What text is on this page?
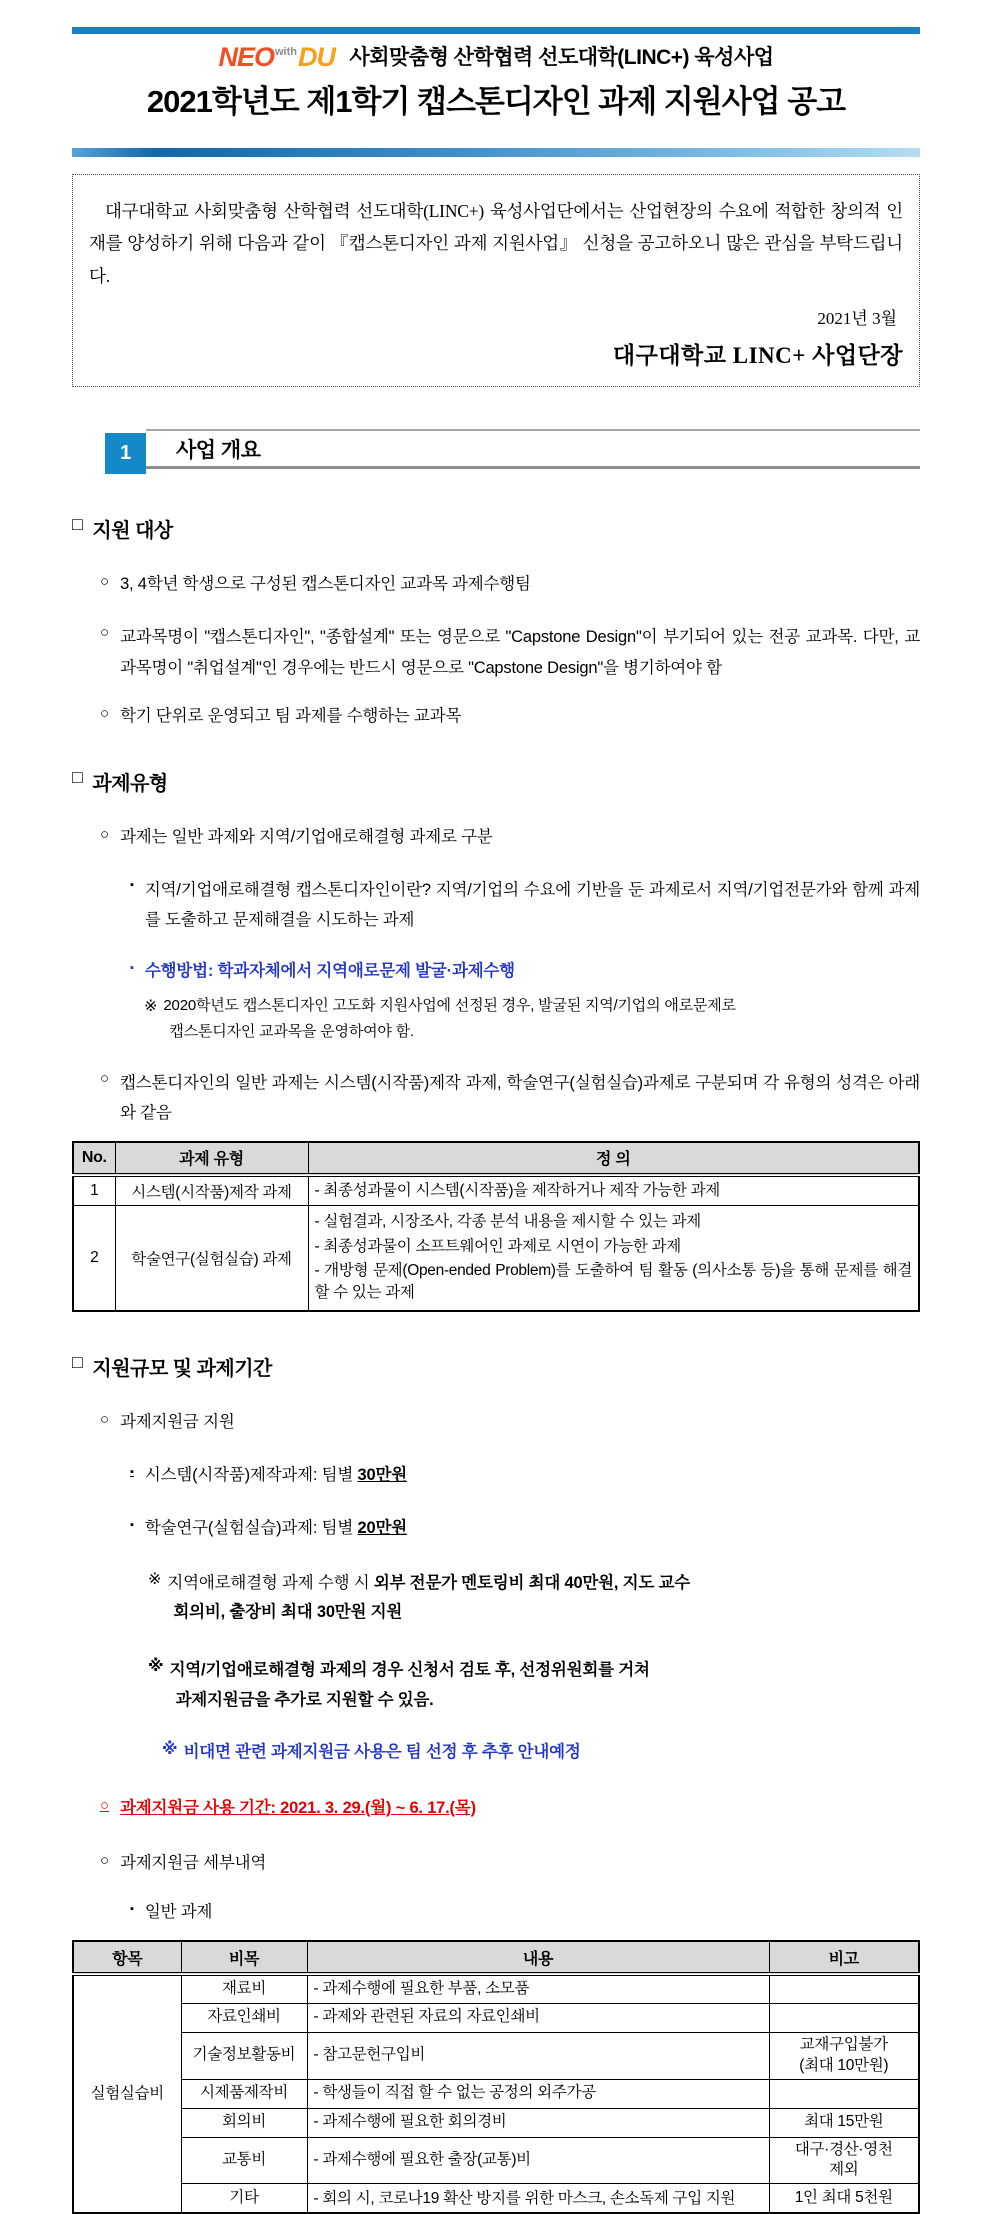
$NEO^{with}DU$ 사회맞춤형 산학협력 선도대학(LINC+) 육성사업
2021학년도 제1학기 캡스톤디자인 과제 지원사업 공고
대구대학교 사회맞춤형 산학협력 선도대학(LINC+) 육성사업단에서는 산업현장의 수요에 적합한 창의적 인재를 양성하기 위해 다음과 같이 『캡스톤디자인 과제 지원사업』 신청을 공고하오니 많은 관심을 부탁드립니다.
2021년 3월
대구대학교 LINC+ 사업단장
1	사업 개요
□ 지원 대상
○ 3, 4학년 학생으로 구성된 캡스톤디자인 교과목 과제수행팀
○ 교과목명이 "캡스톤디자인", "종합설계" 또는 영문으로 "Capstone Design"이 부기되어 있는 전공 교과목. 다만, 교과목명이 "취업설계"인 경우에는 반드시 영문으로 "Capstone Design"을 병기하여야 함
○ 학기 단위로 운영되고 팀 과제를 수행하는 교과목
□ 과제유형
○ 과제는 일반 과제와 지역/기업애로해결형 과제로 구분
▪ 지역/기업애로해결형 캡스톤디자인이란? 지역/기업의 수요에 기반을 둔 과제로서 지역/기업전문가와 함께 과제를 도출하고 문제해결을 시도하는 과제
▪ 수행방법: 학과자체에서 지역애로문제 발굴·과제수행
※ 2020학년도 캡스톤디자인 고도화 지원사업에 선정된 경우, 발굴된 지역/기업의 애로문제로
캡스톤디자인 교과목을 운영하여야 함.
○ 캡스톤디자인의 일반 과제는 시스템(시작품)제작 과제, 학술연구(실험실습)과제로 구분되며 각 유형의 성격은 아래와 같음
No.	과제 유형	정 의
1	시스템(시작품)제작 과제	- 최종성과물이 시스템(시작품)을 제작하거나 제작 가능한 과제

2	학술연구(실험실습) 과제	- 실험결과, 시장조사, 각종 분석 내용을 제시할 수 있는 과제
- 최종성과물이 소프트웨어인 과제로 시연이 가능한 과제
- 개방형 문제(Open-ended Problem)를 도출하여 팀 활동 (의사소통 등)을 통해 문제를 해결할 수 있는 과제
□ 지원규모 및 과제기간
○ 과제지원금 지원
▪ 시스템(시작품)제작과제: 팀별 30만원
▪ 학술연구(실험실습)과제: 팀별 20만원
※ 지역애로해결형 과제 수행 시 외부 전문가 멘토링비 최대 40만원, 지도 교수
회의비, 출장비 최대 30만원 지원
※ 지역/기업애로해결형 과제의 경우 신청서 검토 후, 선정위원회를 거쳐
과제지원금을 추가로 지원할 수 있음.
※ 비대면 관련 과제지원금 사용은 팀 선정 후 추후 안내예정
○ 과제지원금 사용 기간: 2021. 3. 29.(월) ~ 6. 17.(목)
○ 과제지원금 세부내역
▪ 일반 과제
항목	비목	내용	비고
실험실습비	재료비	- 과제수행에 필요한 부품, 소모품	
	자료인쇄비	- 과제와 관련된 자료의 자료인쇄비	
	기술정보활동비	- 참고문헌구입비	교재구입불가
(최대 10만원)

	시제품제작비	- 학생들이 직접 할 수 없는 공정의 외주가공	
	회의비	- 과제수행에 필요한 회의경비	최대 15만원
	교통비	- 과제수행에 필요한 출장(교통)비	대구·경산·영천
제외

	기타	- 회의 시, 코로나19 확산 방지를 위한 마스크, 손소독제 구입 지원	1인 최대 5천원
